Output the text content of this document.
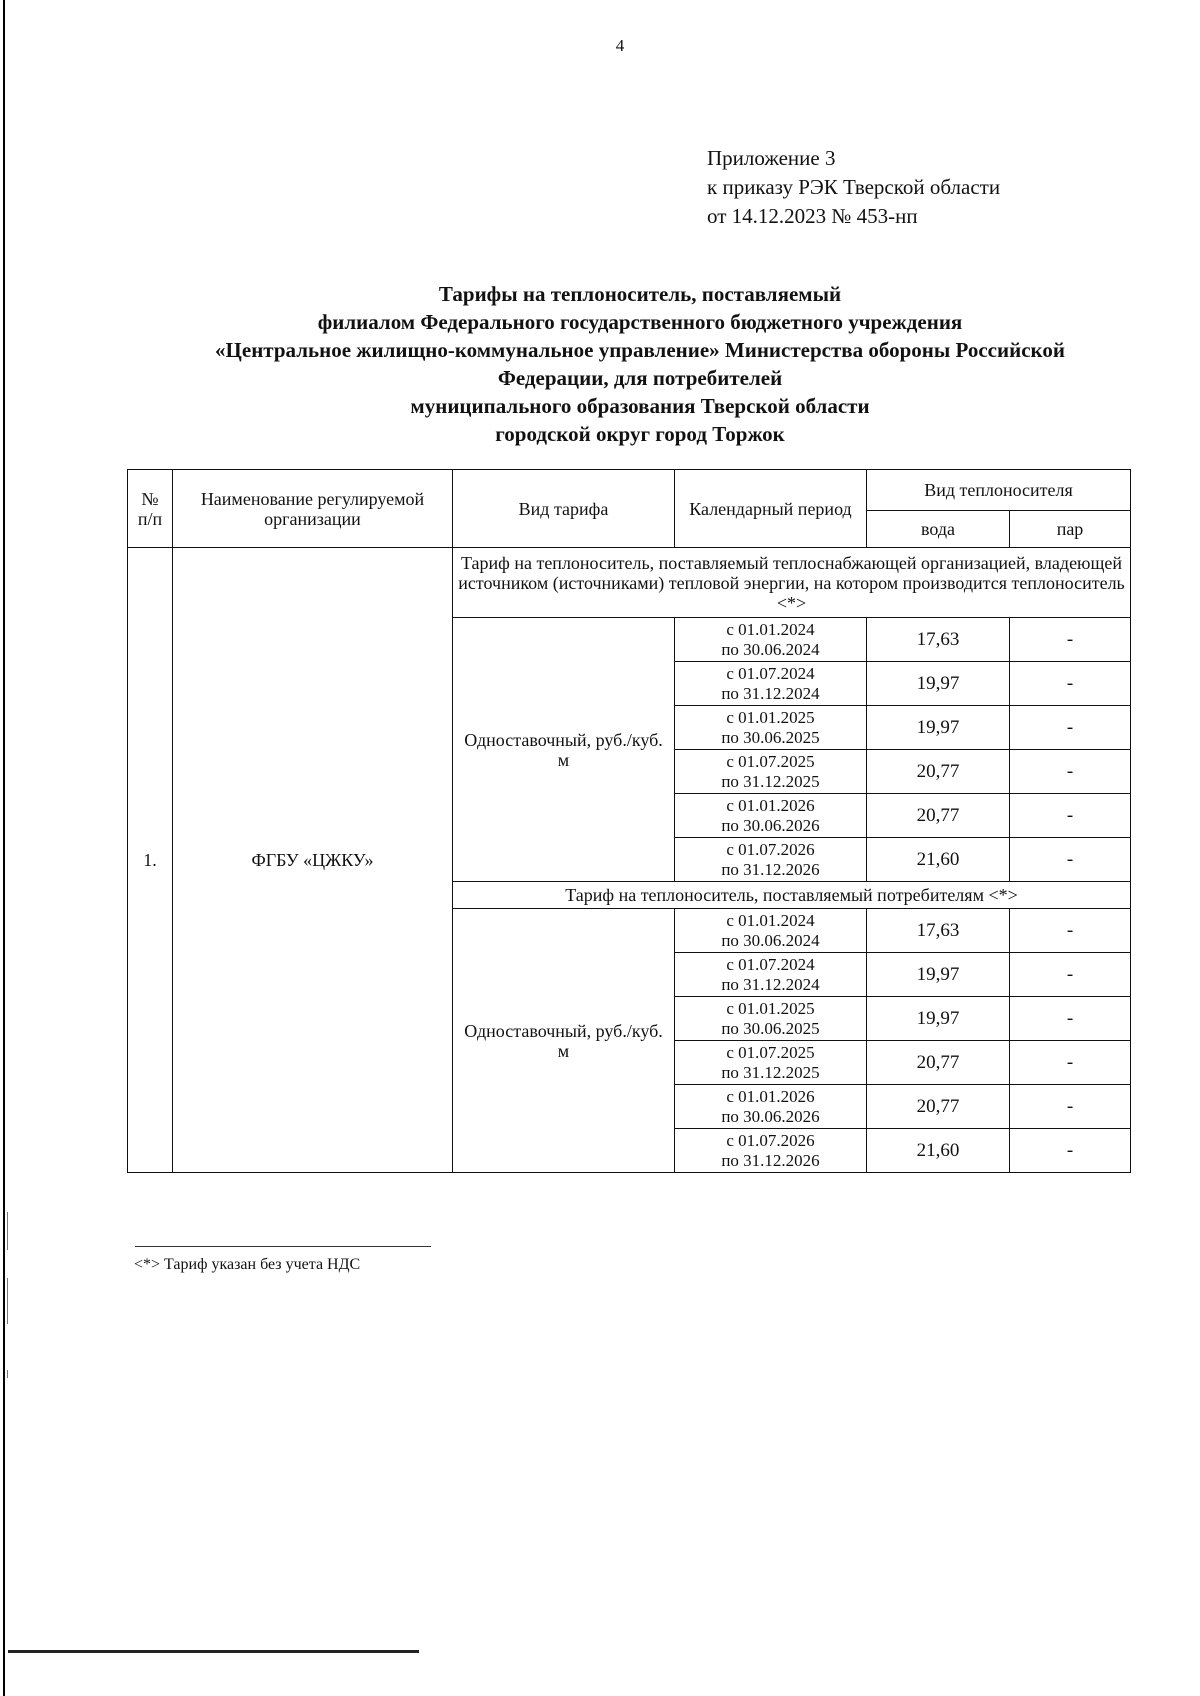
4
Приложение 3
к приказу РЭК Тверской области
от 14.12.2023 № 453-нп
Тарифы на теплоноситель, поставляемый
филиалом Федерального государственного бюджетного учреждения
«Центральное жилищно-коммунальное управление» Министерства обороны Российской
Федерации, для потребителей
муниципального образования Тверской области
городской округ город Торжок
№ п/п	Наименование регулируемой организации	Вид тарифа	Календарный период	Вид теплоносителя	
				вода	пар
1.	ФГБУ «ЦЖКУ»	Тариф на теплоноситель, поставляемый теплоснабжающей организацией, владеющей источником (источниками) тепловой энергии, на котором производится теплоноситель <*>			
		Одноставочный, руб./куб. м	с 01.01.2024
по 30.06.2024	17,63	-

			с 01.07.2024
по 31.12.2024	19,97	-

			с 01.01.2025
по 30.06.2025	19,97	-

			с 01.07.2025
по 31.12.2025	20,77	-

			с 01.01.2026
по 30.06.2026	20,77	-

			с 01.07.2026
по 31.12.2026	21,60	-
		Тариф на теплоноситель, поставляемый потребителям <*>			
		Одноставочный, руб./куб. м	с 01.01.2024
по 30.06.2024	17,63	-

			с 01.07.2024
по 31.12.2024	19,97	-

			с 01.01.2025
по 30.06.2025	19,97	-

			с 01.07.2025
по 31.12.2025	20,77	-

			с 01.01.2026
по 30.06.2026	20,77	-

			с 01.07.2026
по 31.12.2026	21,60	-
<*> Тариф указан без учета НДС
